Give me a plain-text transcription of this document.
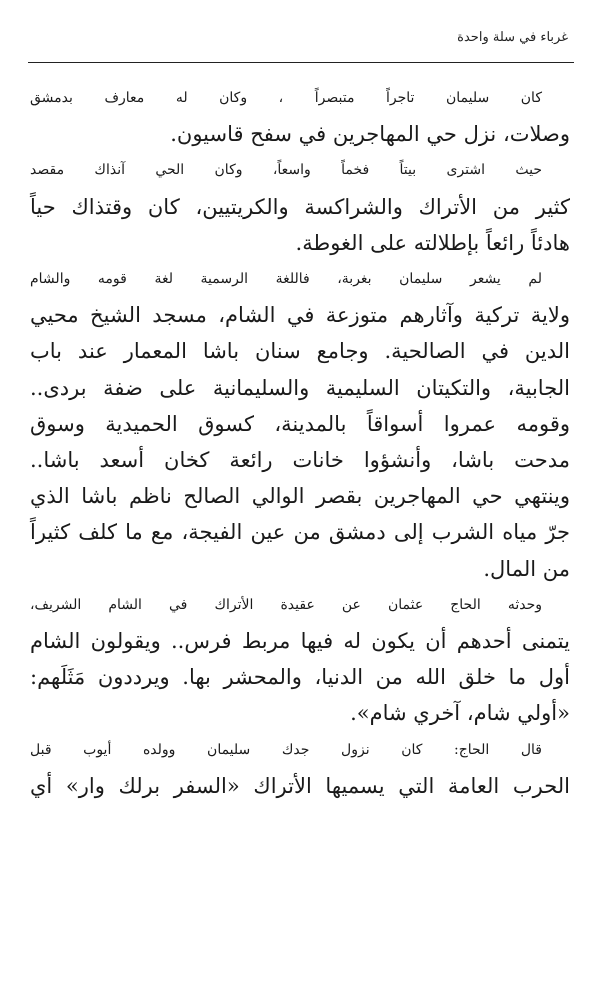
غرباء في سلة واحدة

كان سليمان تاجراً متبصراً ، وكان له معارف بدمشق
وصلات، نزل حي المهاجرين في سفح قاسيون.

حيث اشترى بيتاً فخماً واسعاً، وكان الحي آنذاك مقصد
كثير من الأتراك والشراكسة والكريتيين، كان وقتذاك حياً
هادئاً رائعاً بإطلالته على الغوطة.

لم يشعر سليمان بغربة، فاللغة الرسمية لغة قومه والشام
ولاية تركية وآثارهم متوزعة في الشام، مسجد الشيخ محيي
الدين في الصالحية. وجامع سنان باشا المعمار عند باب
الجابية، والتكيتان السليمية والسليمانية على ضفة بردى..
وقومه عمروا أسواقاً بالمدينة، كسوق الحميدية وسوق
مدحت باشا، وأنشؤوا خانات رائعة كخان أسعد باشا..
وينتهي حي المهاجرين بقصر الوالي الصالح ناظم باشا الذي
جرّ مياه الشرب إلى دمشق من عين الفيجة، مع ما كلف كثيراً
من المال.

وحدثه الحاج عثمان عن عقيدة الأتراك في الشام الشريف،
يتمنى أحدهم أن يكون له فيها مربط فرس.. ويقولون الشام
أول ما خلق الله من الدنيا، والمحشر بها. ويرددون مَثَلَهم:
«أولي شام، آخري شام».

قال الحاج: كان نزول جدك سليمان وولده أيوب قبل
الحرب العامة التي يسميها الأتراك «السفر برلك وار» أي
